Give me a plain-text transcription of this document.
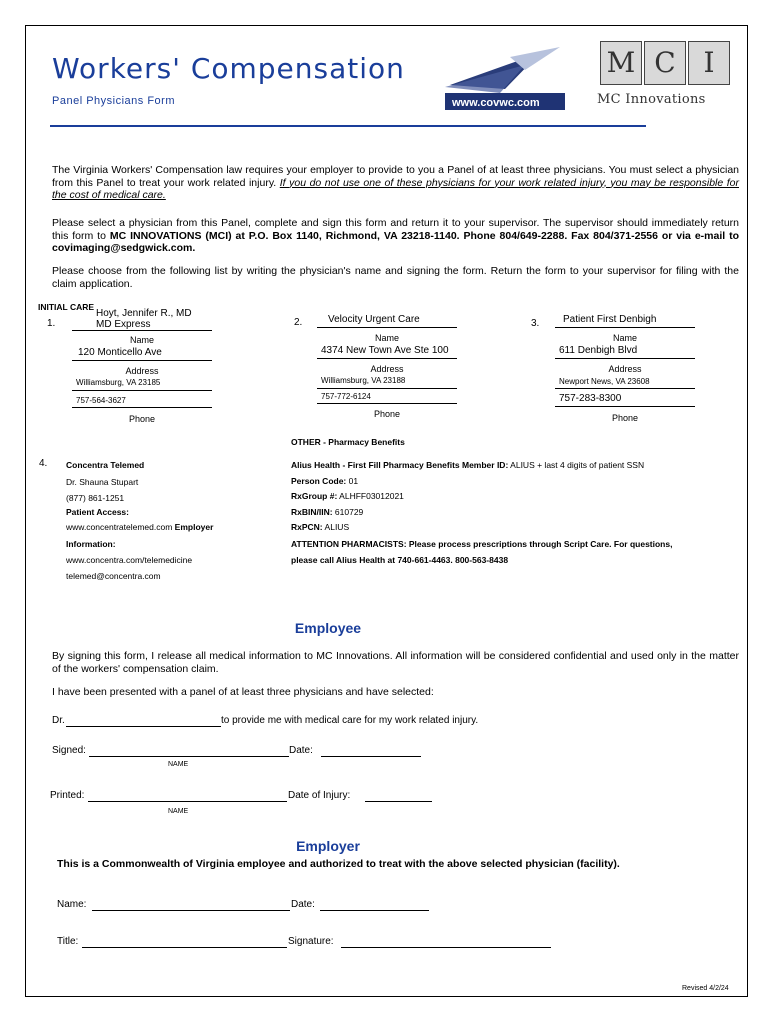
Workers' Compensation
Panel Physicians Form	www.covwc.com
M C I
MC Innovations
The Virginia Workers' Compensation law requires your employer to provide to you a Panel of at least three physicians. You must select a physician from this Panel to treat your work related injury. If you do not use one of these physicians for your work related injury, you may be responsible for the cost of medical care.
Please select a physician from this Panel, complete and sign this form and return it to your supervisor. The supervisor should immediately return this form to MC INNOVATIONS (MCI) at P.O. Box 1140, Richmond, VA 23218-1140. Phone 804/649-2288. Fax 804/371-2556 or via e-mail to covimaging@sedgwick.com.
Please choose from the following list by writing the physician's name and signing the form. Return the form to your supervisor for filing with the claim application.
INITIAL CARE
1.
Hoyt, Jennifer R., MD
MD Express
Name
120 Monticello Ave
Address
Williamsburg, VA 23185
757-564-3627
Phone
2.	Velocity Urgent Care
Name
4374 New Town Ave Ste 100
Address
Williamsburg, VA 23188
757-772-6124
Phone
3. Patient First Denbigh
Name
611 Denbigh Blvd
Address
Newport News, VA 23608
757-283-8300
Phone
OTHER - Pharmacy Benefits
4. Concentra Telemed
Dr. Shauna Stupart
(877) 861-1251
Patient Access:
www.concentratelemed.com Employer
Information:
www.concentra.com/telemedicine
telemed@concentra.com
Alius Health - First Fill Pharmacy Benefits Member ID: ALIUS + last 4 digits of patient SSN
Person Code: 01
RxGroup #: ALHFF03012021
RxBIN/IIN: 610729
RxPCN: ALIUS
ATTENTION PHARMACISTS: Please process prescriptions through Script Care. For questions,
please call Alius Health at 740-661-4463. 800-563-8438
Employee
By signing this form, I release all medical information to MC Innovations. All information will be considered confidential and used only in the matter of the workers' compensation claim.
I have been presented with a panel of at least three physicians and have selected:
Dr.	to provide me with medical care for my work related injury.
Signed:	Date:
NAME
Printed:	Date of Injury:
NAME
Employer
This is a Commonwealth of Virginia employee and authorized to treat with the above selected physician (facility).
Name:	Date:
Title:	Signature:
Revised 4/2/24
